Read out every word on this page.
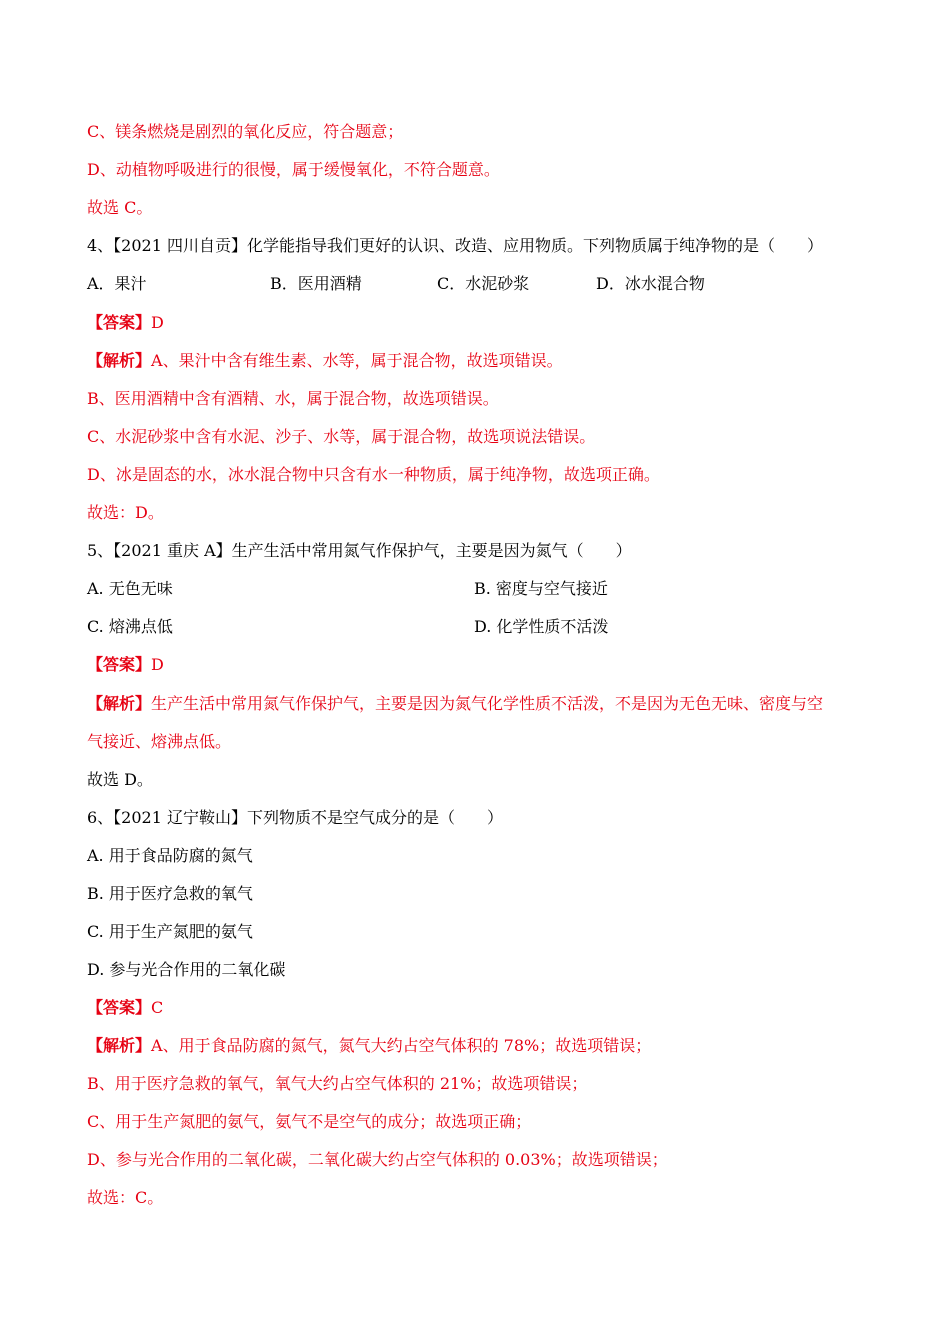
C、镁条燃烧是剧烈的氧化反应，符合题意；
D、动植物呼吸进行的很慢，属于缓慢氧化，不符合题意。
故选 C。
4、【2021 四川自贡】化学能指导我们更好的认识、改造、应用物质。下列物质属于纯净物的是（　　）
A．果汁	B．医用酒精	C．水泥砂浆	D．冰水混合物
【答案】D
【解析】A、果汁中含有维生素、水等，属于混合物，故选项错误。
B、医用酒精中含有酒精、水，属于混合物，故选项错误。
C、水泥砂浆中含有水泥、沙子、水等，属于混合物，故选项说法错误。
D、冰是固态的水，冰水混合物中只含有水一种物质，属于纯净物，故选项正确。
故选：D。
5、【2021 重庆 A】生产生活中常用氮气作保护气，主要是因为氮气（　　）
A. 无色无味	B. 密度与空气接近
C. 熔沸点低	D. 化学性质不活泼
【答案】D
【解析】生产生活中常用氮气作保护气，主要是因为氮气化学性质不活泼，不是因为无色无味、密度与空
气接近、熔沸点低。
故选 D。
6、【2021 辽宁鞍山】下列物质不是空气成分的是（　　）
A. 用于食品防腐的氮气
B. 用于医疗急救的氧气
C. 用于生产氮肥的氨气
D. 参与光合作用的二氧化碳
【答案】C
【解析】A、用于食品防腐的氮气，氮气大约占空气体积的 78%；故选项错误；
B、用于医疗急救的氧气，氧气大约占空气体积的 21%；故选项错误；
C、用于生产氮肥的氨气，氨气不是空气的成分；故选项正确；
D、参与光合作用的二氧化碳，二氧化碳大约占空气体积的 0.03%；故选项错误；
故选：C。
